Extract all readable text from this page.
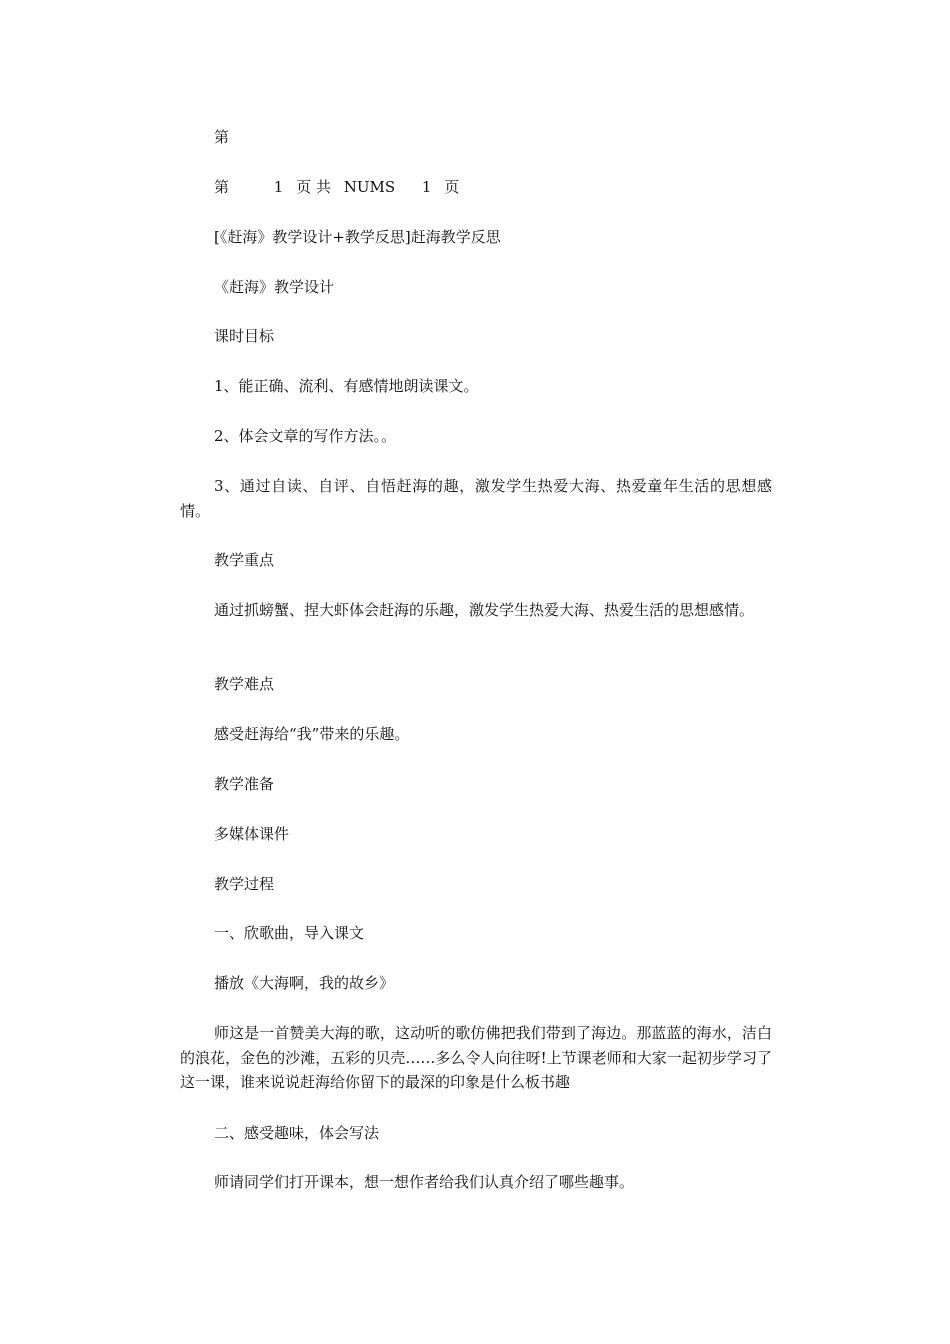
第
第	1 页 共 NUMS 1 页
[《赶海》教学设计+教学反思]赶海教学反思
《赶海》教学设计
课时目标
1、能正确、流利、有感情地朗读课文。
2、体会文章的写作方法。。
3、通过自读、自评、自悟赶海的趣，激发学生热爱大海、热爱童年生活的思想感情。
教学重点
通过抓螃蟹、捏大虾体会赶海的乐趣，激发学生热爱大海、热爱生活的思想感情。
教学难点
感受赶海给“我”带来的乐趣。
教学准备
多媒体课件
教学过程
一、欣歌曲，导入课文
播放《大海啊，我的故乡》
师这是一首赞美大海的歌，这动听的歌仿佛把我们带到了海边。那蓝蓝的海水，洁白的浪花，金色的沙滩，五彩的贝壳……多么令人向往呀!上节课老师和大家一起初步学习了这一课，谁来说说赶海给你留下的最深的印象是什么板书趣
二、感受趣味，体会写法
师请同学们打开课本，想一想作者给我们认真介绍了哪些趣事。
